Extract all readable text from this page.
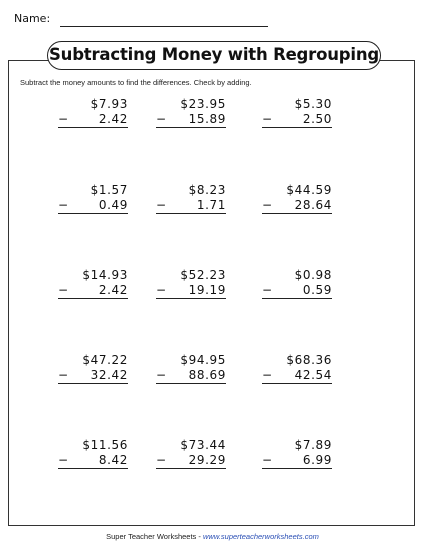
Name:
Subtracting Money with Regrouping
Subtract the money amounts to find the differences. Check by adding.
$7.93
−	2.42
$23.95
− 15.89
$5.30
−	2.50
$1.57
−	0.49
$8.23
−	1.71
$44.59
− 28.64
$14.93
−	2.42
$52.23
− 19.19
$0.98
−	0.59
$47.22
− 32.42
$94.95
− 88.69
$68.36
− 42.54
$11.56
−	8.42
$73.44
− 29.29
$7.89
−	6.99
Super Teacher Worksheets - www.superteacherworksheets.com
